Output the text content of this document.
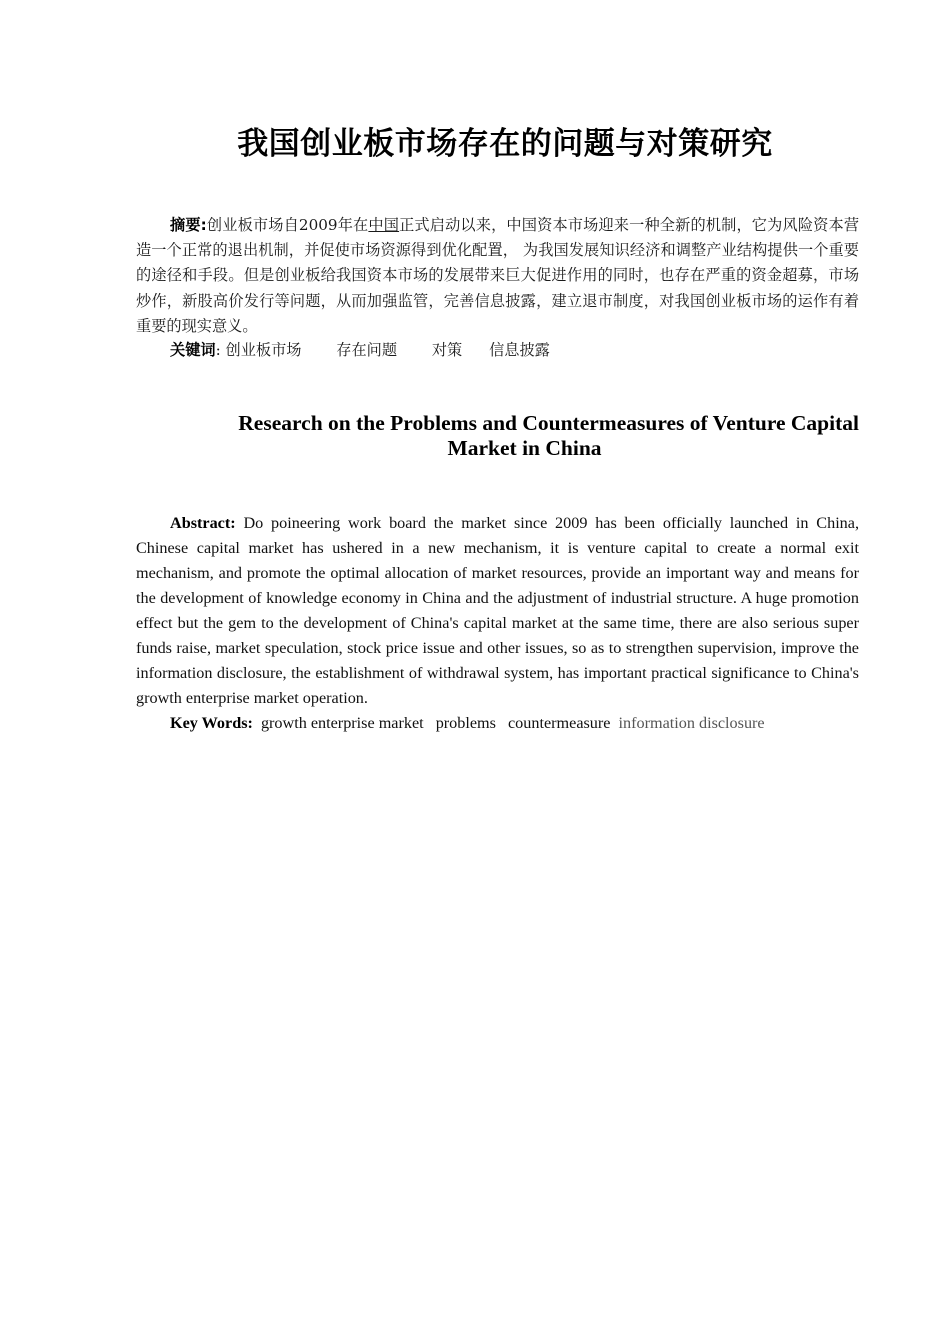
我国创业板市场存在的问题与对策研究
摘要:创业板市场自2009年在中国正式启动以来，中国资本市场迎来一种全新的机制，它为风险资本营造一个正常的退出机制，并促使市场资源得到优化配置， 为我国发展知识经济和调整产业结构提供一个重要的途径和手段。但是创业板给我国资本市场的发展带来巨大促进作用的同时，也存在严重的资金超募，市场炒作，新股高价发行等问题，从而加强监管，完善信息披露，建立退市制度，对我国创业板市场的运作有着重要的现实意义。
关键词: 创业板市场 存在问题 对策 信息披露
Research on the Problems and Countermeasures of Venture Capital
Market in China
Abstract: Do poineering work board the market since 2009 has been officially launched in China, Chinese capital market has ushered in a new mechanism, it is venture capital to create a normal exit mechanism, and promote the optimal allocation of market resources, provide an important way and means for the development of knowledge economy in China and the adjustment of industrial structure. A huge promotion effect but the gem to the development of China's capital market at the same time, there are also serious super funds raise, market speculation, stock price issue and other issues, so as to strengthen supervision, improve the information disclosure, the establishment of withdrawal system, has important practical significance to China's growth enterprise market operation.
Key Words: growth enterprise market problems countermeasure information disclosure
